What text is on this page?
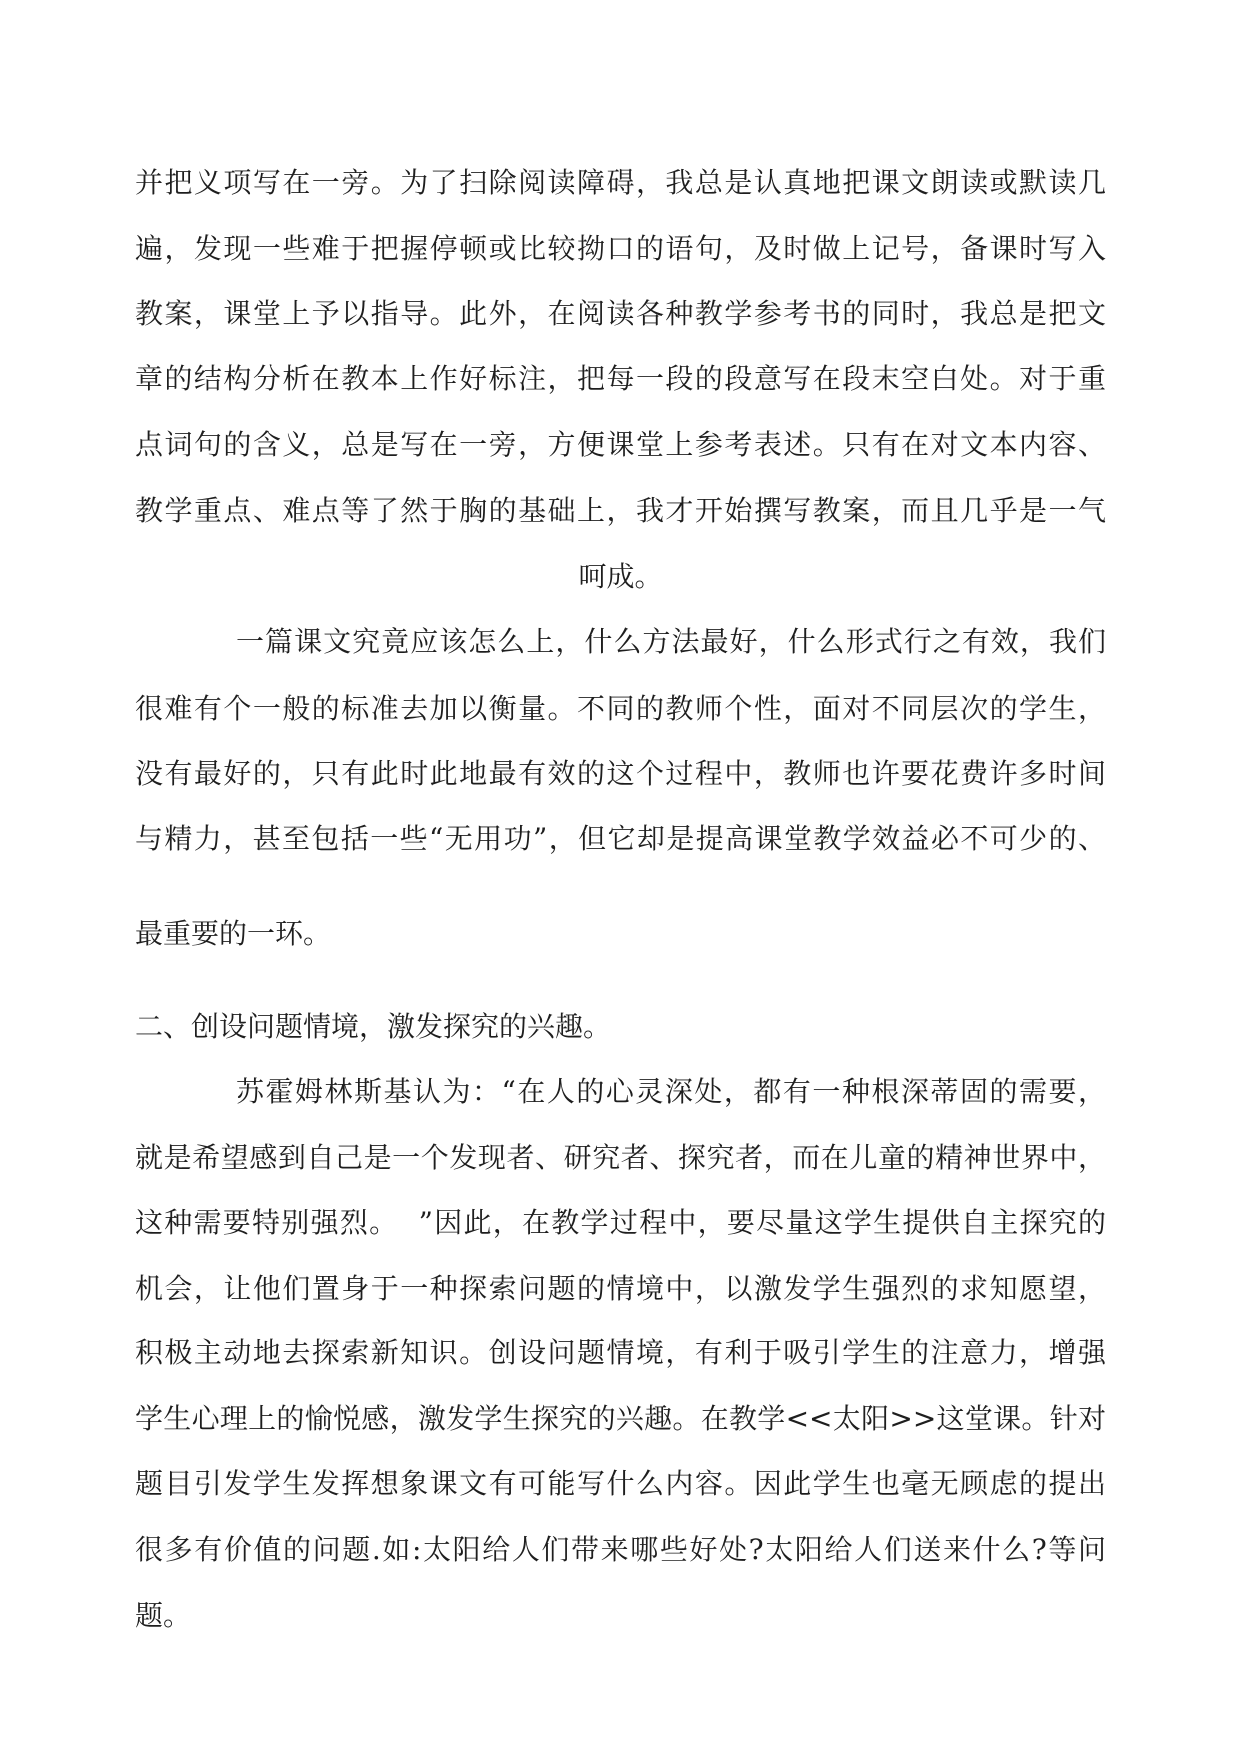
并把义项写在一旁。为了扫除阅读障碍，我总是认真地把课文朗读或默读几
遍，发现一些难于把握停顿或比较拗口的语句，及时做上记号，备课时写入
教案，课堂上予以指导。此外，在阅读各种教学参考书的同时，我总是把文
章的结构分析在教本上作好标注，把每一段的段意写在段末空白处。对于重
点词句的含义，总是写在一旁，方便课堂上参考表述。只有在对文本内容、
教学重点、难点等了然于胸的基础上，我才开始撰写教案，而且几乎是一气
呵成。
一篇课文究竟应该怎么上，什么方法最好，什么形式行之有效，我们
很难有个一般的标准去加以衡量。不同的教师个性，面对不同层次的学生，
没有最好的，只有此时此地最有效的这个过程中，教师也许要花费许多时间
与精力，甚至包括一些“无用功”，但它却是提高课堂教学效益必不可少的、
最重要的一环。
二、创设问题情境，激发探究的兴趣。
苏霍姆林斯基认为：“在人的心灵深处，都有一种根深蒂固的需要，
就是希望感到自己是一个发现者、研究者、探究者，而在儿童的精神世界中，
这种需要特别强烈。  ”因此，在教学过程中，要尽量这学生提供自主探究的
机会，让他们置身于一种探索问题的情境中，以激发学生强烈的求知愿望，
积极主动地去探索新知识。创设问题情境，有利于吸引学生的注意力，增强
学生心理上的愉悦感，激发学生探究的兴趣。在教学<<太阳>>这堂课。针对
题目引发学生发挥想象课文有可能写什么内容。因此学生也毫无顾虑的提出
很多有价值的问题.如:太阳给人们带来哪些好处?太阳给人们送来什么?等问
题。
